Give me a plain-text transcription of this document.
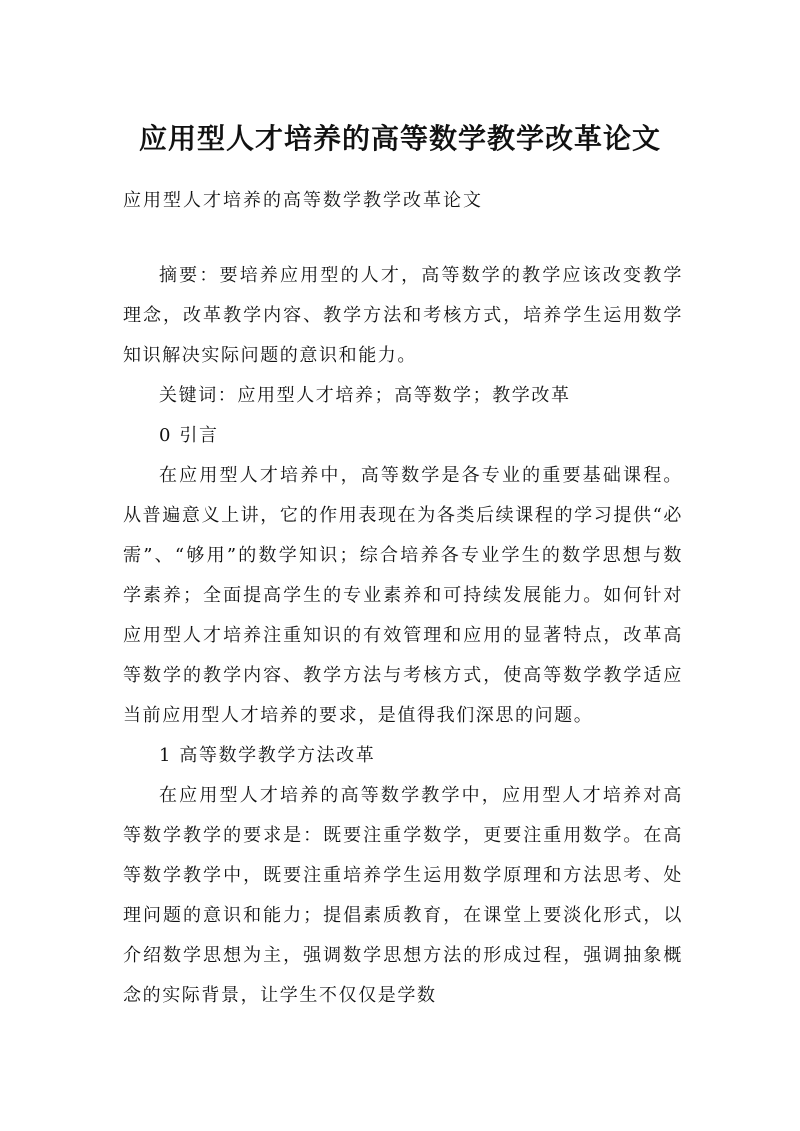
应用型人才培养的高等数学教学改革论文
应用型人才培养的高等数学教学改革论文

摘要：要培养应用型的人才，高等数学的教学应该改变教学理念，改革教学内容、教学方法和考核方式，培养学生运用数学知识解决实际问题的意识和能力。

关键词：应用型人才培养；高等数学；教学改革

0 引言

在应用型人才培养中，高等数学是各专业的重要基础课程。从普遍意义上讲，它的作用表现在为各类后续课程的学习提供“必需”、“够用”的数学知识；综合培养各专业学生的数学思想与数学素养；全面提高学生的专业素养和可持续发展能力。如何针对应用型人才培养注重知识的有效管理和应用的显著特点，改革高等数学的教学内容、教学方法与考核方式，使高等数学教学适应当前应用型人才培养的要求，是值得我们深思的问题。

1 高等数学教学方法改革

在应用型人才培养的高等数学教学中，应用型人才培养对高等数学教学的要求是：既要注重学数学，更要注重用数学。在高等数学教学中，既要注重培养学生运用数学原理和方法思考、处理问题的意识和能力；提倡素质教育，在课堂上要淡化形式，以介绍数学思想为主，强调数学思想方法的形成过程，强调抽象概念的实际背景，让学生不仅仅是学数
